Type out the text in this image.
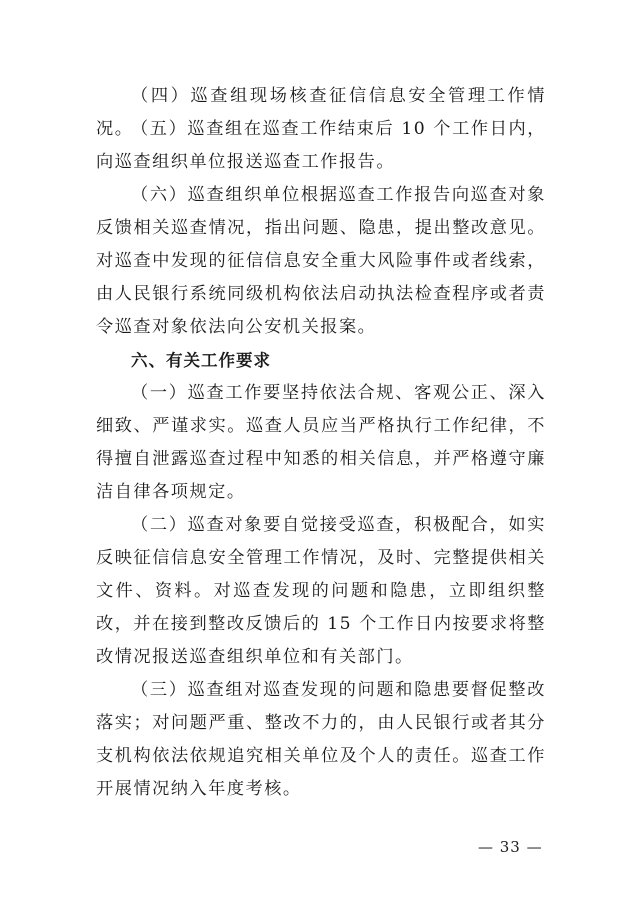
（四）巡查组现场核查征信信息安全管理工作情况。

（五）巡查组在巡查工作结束后 10 个工作日内，向巡查组织单位报送巡查工作报告。

（六）巡查组织单位根据巡查工作报告向巡查对象反馈相关巡查情况，指出问题、隐患，提出整改意见。对巡查中发现的征信信息安全重大风险事件或者线索，由人民银行系统同级机构依法启动执法检查程序或者责令巡查对象依法向公安机关报案。

六、有关工作要求

（一）巡查工作要坚持依法合规、客观公正、深入细致、严谨求实。巡查人员应当严格执行工作纪律，不得擅自泄露巡查过程中知悉的相关信息，并严格遵守廉洁自律各项规定。

（二）巡查对象要自觉接受巡查，积极配合，如实反映征信信息安全管理工作情况，及时、完整提供相关文件、资料。对巡查发现的问题和隐患，立即组织整改，并在接到整改反馈后的 15 个工作日内按要求将整改情况报送巡查组织单位和有关部门。

（三）巡查组对巡查发现的问题和隐患要督促整改落实；对问题严重、整改不力的，由人民银行或者其分支机构依法依规追究相关单位及个人的责任。巡查工作开展情况纳入年度考核。

— 33 —
